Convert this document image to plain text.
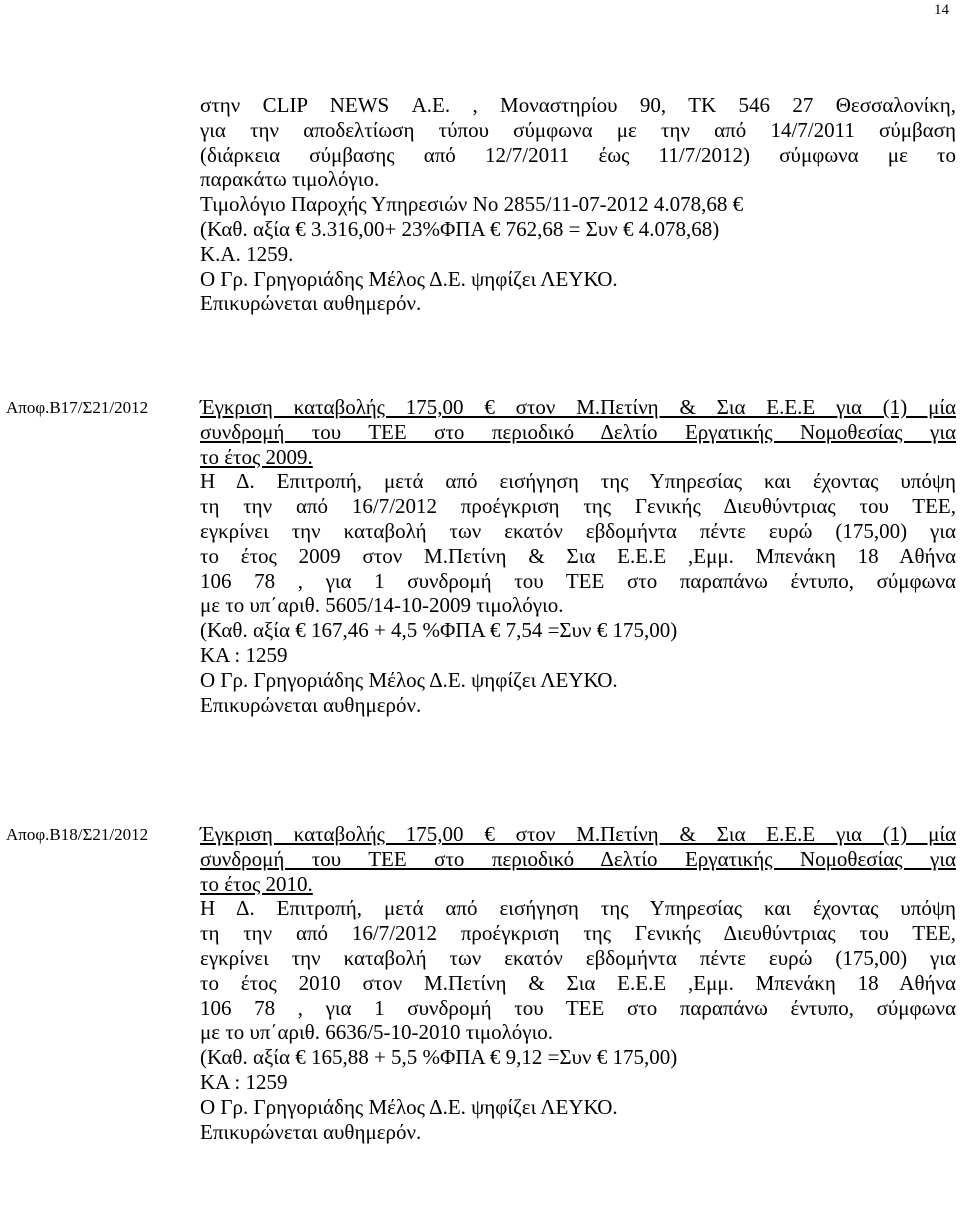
14
στην CLIP NEWS Α.Ε. , Μοναστηρίου 90, ΤΚ 546 27 Θεσσαλονίκη,
για την αποδελτίωση τύπου σύμφωνα με την από 14/7/2011 σύμβαση
(διάρκεια σύμβασης από 12/7/2011 έως 11/7/2012) σύμφωνα με το
παρακάτω τιμολόγιο.
Τιμολόγιο Παροχής Υπηρεσιών Νο 2855/11-07-2012 4.078,68 €
(Καθ. αξία € 3.316,00+ 23%ΦΠΑ € 762,68 = Συν € 4.078,68)
Κ.Α. 1259.
Ο Γρ. Γρηγοριάδης Μέλος Δ.Ε. ψηφίζει ΛΕΥΚΟ.
Επικυρώνεται αυθημερόν.
Αποφ.Β17/Σ21/2012 Έγκριση καταβολής 175,00 € στον Μ.Πετίνη & Σια Ε.Ε.Ε για (1) μία
συνδρομή του ΤΕΕ στο περιοδικό Δελτίο Εργατικής Νομοθεσίας για
το έτος 2009.
Η Δ. Επιτροπή, μετά από εισήγηση της Υπηρεσίας και έχοντας υπόψη
τη την από 16/7/2012 προέγκριση της Γενικής Διευθύντριας του ΤΕΕ,
εγκρίνει την καταβολή των εκατόν εβδομήντα πέντε ευρώ (175,00) για
το έτος 2009 στον Μ.Πετίνη & Σια Ε.Ε.Ε ,Εμμ. Μπενάκη 18 Αθήνα
106 78 , για 1 συνδρομή του ΤΕΕ στο παραπάνω έντυπο, σύμφωνα
με το υπ΄αριθ. 5605/14-10-2009 τιμολόγιο.
(Καθ. αξία € 167,46 + 4,5 %ΦΠΑ € 7,54 =Συν € 175,00)
ΚΑ : 1259
Ο Γρ. Γρηγοριάδης Μέλος Δ.Ε. ψηφίζει ΛΕΥΚΟ.
Επικυρώνεται αυθημερόν.
Αποφ.Β18/Σ21/2012 Έγκριση καταβολής 175,00 € στον Μ.Πετίνη & Σια Ε.Ε.Ε για (1) μία
συνδρομή του ΤΕΕ στο περιοδικό Δελτίο Εργατικής Νομοθεσίας για
το έτος 2010.
Η Δ. Επιτροπή, μετά από εισήγηση της Υπηρεσίας και έχοντας υπόψη
τη την από 16/7/2012 προέγκριση της Γενικής Διευθύντριας του ΤΕΕ,
εγκρίνει την καταβολή των εκατόν εβδομήντα πέντε ευρώ (175,00) για
το έτος 2010 στον Μ.Πετίνη & Σια Ε.Ε.Ε ,Εμμ. Μπενάκη 18 Αθήνα
106 78 , για 1 συνδρομή του ΤΕΕ στο παραπάνω έντυπο, σύμφωνα
με το υπ΄αριθ. 6636/5-10-2010 τιμολόγιο.
(Καθ. αξία € 165,88 + 5,5 %ΦΠΑ € 9,12 =Συν € 175,00)
ΚΑ : 1259
Ο Γρ. Γρηγοριάδης Μέλος Δ.Ε. ψηφίζει ΛΕΥΚΟ.
Επικυρώνεται αυθημερόν.
